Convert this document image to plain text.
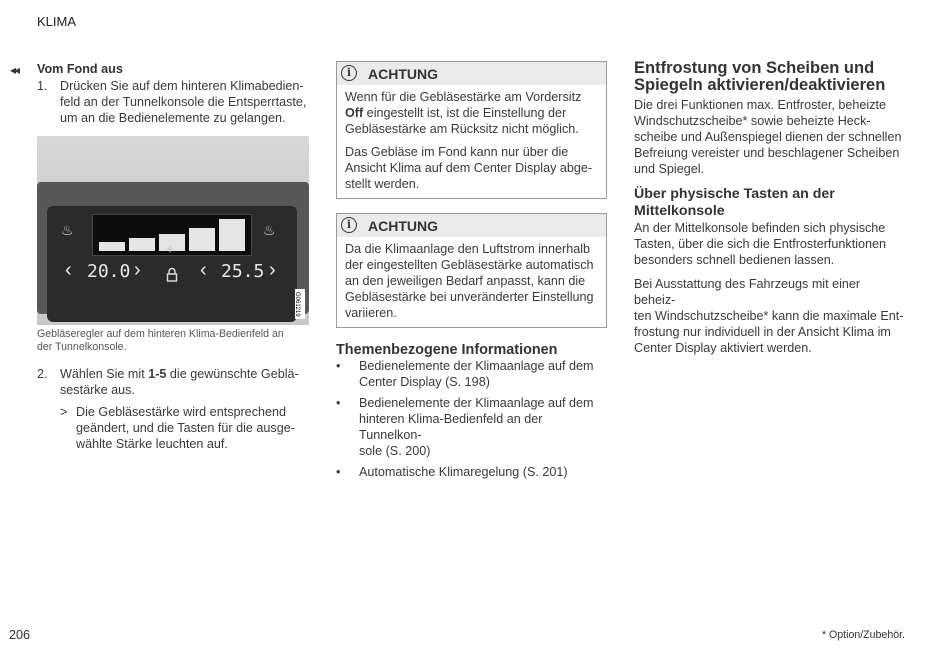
KLIMA
◂◂ Vom Fond aus
1. Drücken Sie auf dem hinteren Klimabedien-
feld an der Tunnelkonsole die Entsperrtaste,
um an die Bedienelemente zu gelangen.
♨	♨
‹ 20.0 ›	‹ 25.5 ›
G061219
Gebläseregler auf dem hinteren Klima-Bedienfeld an
der Tunnelkonsole.
2. Wählen Sie mit 1-5 die gewünschte Geblä-
sestärke aus.
> Die Gebläsestärke wird entsprechend
geändert, und die Tasten für die ausge-
wählte Stärke leuchten auf.
i	ACHTUNG

Wenn für die Gebläsestärke am Vordersitz
Off eingestellt ist, ist die Einstellung der
Gebläsestärke am Rücksitz nicht möglich.

Das Gebläse im Fond kann nur über die
Ansicht Klima auf dem Center Display abge-
stellt werden.

i	ACHTUNG

Da die Klimaanlage den Luftstrom innerhalb
der eingestellten Gebläsestärke automatisch
an den jeweiligen Bedarf anpasst, kann die
Gebläsestärke bei unveränderter Einstellung
variieren.

Themenbezogene Informationen
• Bedienelemente der Klimaanlage auf dem
Center Display (S. 198)
• Bedienelemente der Klimaanlage auf dem
hinteren Klima-Bedienfeld an der Tunnelkon-
sole (S. 200)
• Automatische Klimaregelung (S. 201)
Entfrostung von Scheiben und
Spiegeln aktivieren/deaktivieren
Die drei Funktionen max. Entfroster, beheizte
Windschutzscheibe* sowie beheizte Heck-
scheibe und Außenspiegel dienen der schnellen
Befreiung vereister und beschlagener Scheiben
und Spiegel.
Über physische Tasten an der
Mittelkonsole
An der Mittelkonsole befinden sich physische
Tasten, über die sich die Entfrosterfunktionen
besonders schnell bedienen lassen.
Bei Ausstattung des Fahrzeugs mit einer beheiz-
ten Windschutzscheibe* kann die maximale Ent-
frostung nur individuell in der Ansicht Klima im
Center Display aktiviert werden.
206	* Option/Zubehör.
